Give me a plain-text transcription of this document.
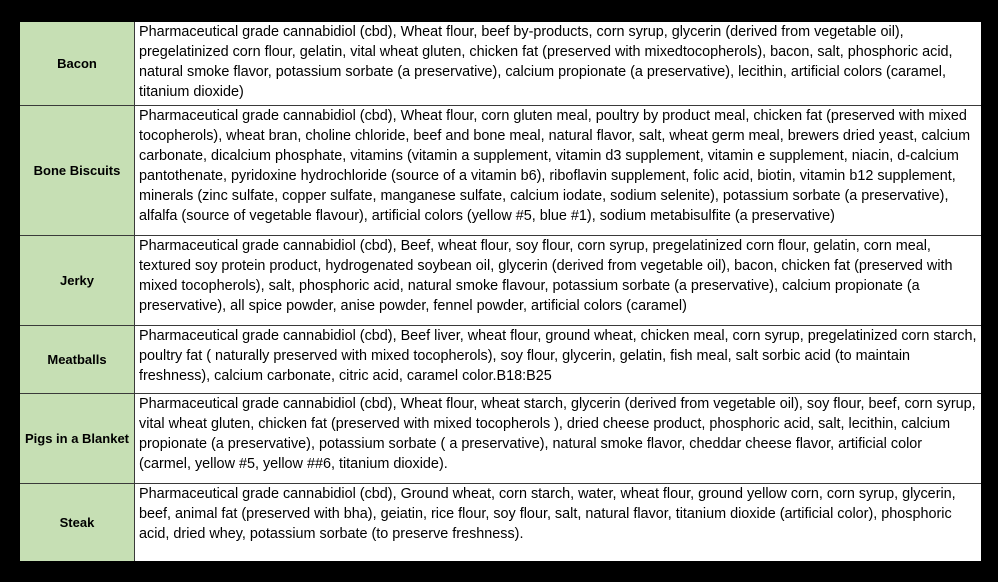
Bacon
Pharmaceutical grade cannabidiol (cbd), Wheat flour, beef by-products, corn syrup, glycerin (derived from vegetable oil), pregelatinized corn flour, gelatin, vital wheat gluten, chicken fat (preserved with mixedtocopherols), bacon, salt, phosphoric acid, natural smoke flavor, potassium sorbate (a preservative), calcium propionate (a preservative), lecithin, artificial colors (caramel, titanium dioxide)
Bone Biscuits
Pharmaceutical grade cannabidiol (cbd), Wheat flour, corn gluten meal, poultry by product meal, chicken fat (preserved with mixed tocopherols), wheat bran, choline chloride, beef and bone meal, natural flavor, salt, wheat germ meal, brewers dried yeast, calcium carbonate, dicalcium phosphate, vitamins (vitamin a supplement, vitamin d3 supplement, vitamin e supplement, niacin, d-calcium pantothenate, pyridoxine hydrochloride (source of a vitamin b6), riboflavin supplement, folic acid, biotin, vitamin b12 supplement, minerals (zinc sulfate, copper sulfate, manganese sulfate, calcium iodate, sodium selenite), potassium sorbate (a preservative), alfalfa (source of vegetable flavour), artificial colors (yellow #5, blue #1), sodium metabisulfite (a preservative)
Jerky
Pharmaceutical grade cannabidiol (cbd), Beef, wheat flour, soy flour, corn syrup, pregelatinized corn flour, gelatin, corn meal, textured soy protein product, hydrogenated soybean oil, glycerin (derived from vegetable oil), bacon, chicken fat (preserved with mixed tocopherols), salt, phosphoric acid, natural smoke flavour, potassium sorbate (a preservative), calcium propionate (a preservative), all spice powder, anise powder, fennel powder, artificial colors (caramel)
Meatballs
Pharmaceutical grade cannabidiol (cbd), Beef liver, wheat flour, ground wheat, chicken meal, corn syrup, pregelatinized corn starch, poultry fat ( naturally preserved with mixed tocopherols), soy flour, glycerin, gelatin, fish meal, salt sorbic acid (to maintain freshness), calcium carbonate, citric acid, caramel color.B18:B25
Pigs in a Blanket
Pharmaceutical grade cannabidiol (cbd), Wheat flour, wheat starch, glycerin (derived from vegetable oil), soy flour, beef, corn syrup, vital wheat gluten, chicken fat (preserved with mixed tocopherols ), dried cheese product, phosphoric acid, salt, lecithin, calcium propionate (a preservative), potassium sorbate ( a preservative), natural smoke flavor, cheddar cheese flavor, artificial color (carmel, yellow #5, yellow ##6, titanium dioxide).
Steak
Pharmaceutical grade cannabidiol (cbd), Ground wheat, corn starch, water, wheat flour, ground yellow corn, corn syrup, glycerin, beef, animal fat (preserved with bha), geiatin, rice flour, soy flour, salt, natural flavor, titanium dioxide (artificial color), phosphoric acid, dried whey, potassium sorbate (to preserve freshness).
